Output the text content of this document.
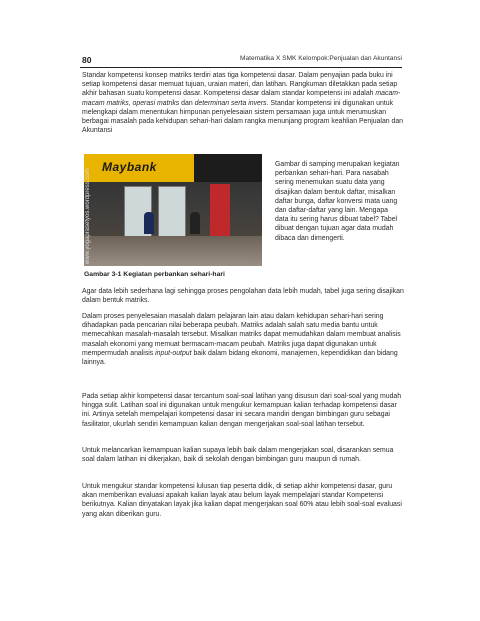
80	Matematika X SMK Kelompok:Penjualan dan Akuntansi

Standar kompetensi konsep matriks terdiri atas tiga kompetensi dasar. Dalam penyajian pada buku ini setiap kompetensi dasar memuat tujuan, uraian materi, dan latihan. Rangkuman diletakkan pada setiap akhir bahasan suatu kompetensi dasar. Kompetensi dasar dalam standar kompetensi ini adalah macam-macam matriks, operasi matriks dan determinan serta invers. Standar kompetensi ini digunakan untuk melengkapi dalam menentukan himpunan penyelesaian sistem persamaan juga untuk merumuskan berbagai masalah pada kehidupan sehari-hari dalam rangka menunjang program keahlian Penjualan dan Akuntansi

Maybank
www.yogaprasetyos.wordpress.com

Gambar 3-1 Kegiatan perbankan sehari-hari

Gambar di samping merupakan kegiatan perbankan sehari-hari. Para nasabah sering menemukan suatu data yang disajikan dalam bentuk daftar, misalkan daftar bunga, daftar konversi mata uang dan daftar-daftar yang lain. Mengapa data itu sering harus dibuat tabel? Tabel dibuat dengan tujuan agar data mudah dibaca dan dimengerti.

Agar data lebih sederhana lagi sehingga proses pengolahan data lebih mudah, tabel juga sering disajikan dalam bentuk matriks.

Dalam proses penyelesaian masalah dalam pelajaran lain atau dalam kehidupan sehari-hari sering dihadapkan pada pencarian nilai beberapa peubah. Matriks adalah salah satu media bantu untuk memecahkan masalah-masalah tersebut. Misalkan matriks dapat memudahkan dalam membuat analisis masalah ekonomi yang memuat bermacam-macam peubah. Matriks juga dapat digunakan untuk mempermudah analisis input-output baik dalam bidang ekonomi, manajemen, kependidikan dan bidang lainnya.

Pada setiap akhir kompetensi dasar tercantum soal-soal latihan yang disusun dari soal-soal yang mudah hingga sulit. Latihan soal ini digunakan untuk mengukur kemampuan kalian terhadap kompetensi dasar ini. Artinya setelah mempelajari kompetensi dasar ini secara mandiri dengan bimbingan guru sebagai fasilitator, ukurlah sendiri kemampuan kalian dengan mengerjakan soal-soal latihan tersebut.

Untuk melancarkan kemampuan kalian supaya lebih baik dalam mengerjakan soal, disarankan semua soal dalam latihan ini dikerjakan, baik di sekolah dengan bimbingan guru maupun di rumah.

Untuk mengukur standar kompetensi lulusan tiap peserta didik, di setiap akhir kompetensi dasar, guru akan memberikan evaluasi apakah kalian layak atau belum layak mempelajari standar Kompetensi berikutnya. Kalian dinyatakan layak jika kalian dapat mengerjakan soal 60% atau lebih soal-soal evaluasi yang akan diberikan guru.
